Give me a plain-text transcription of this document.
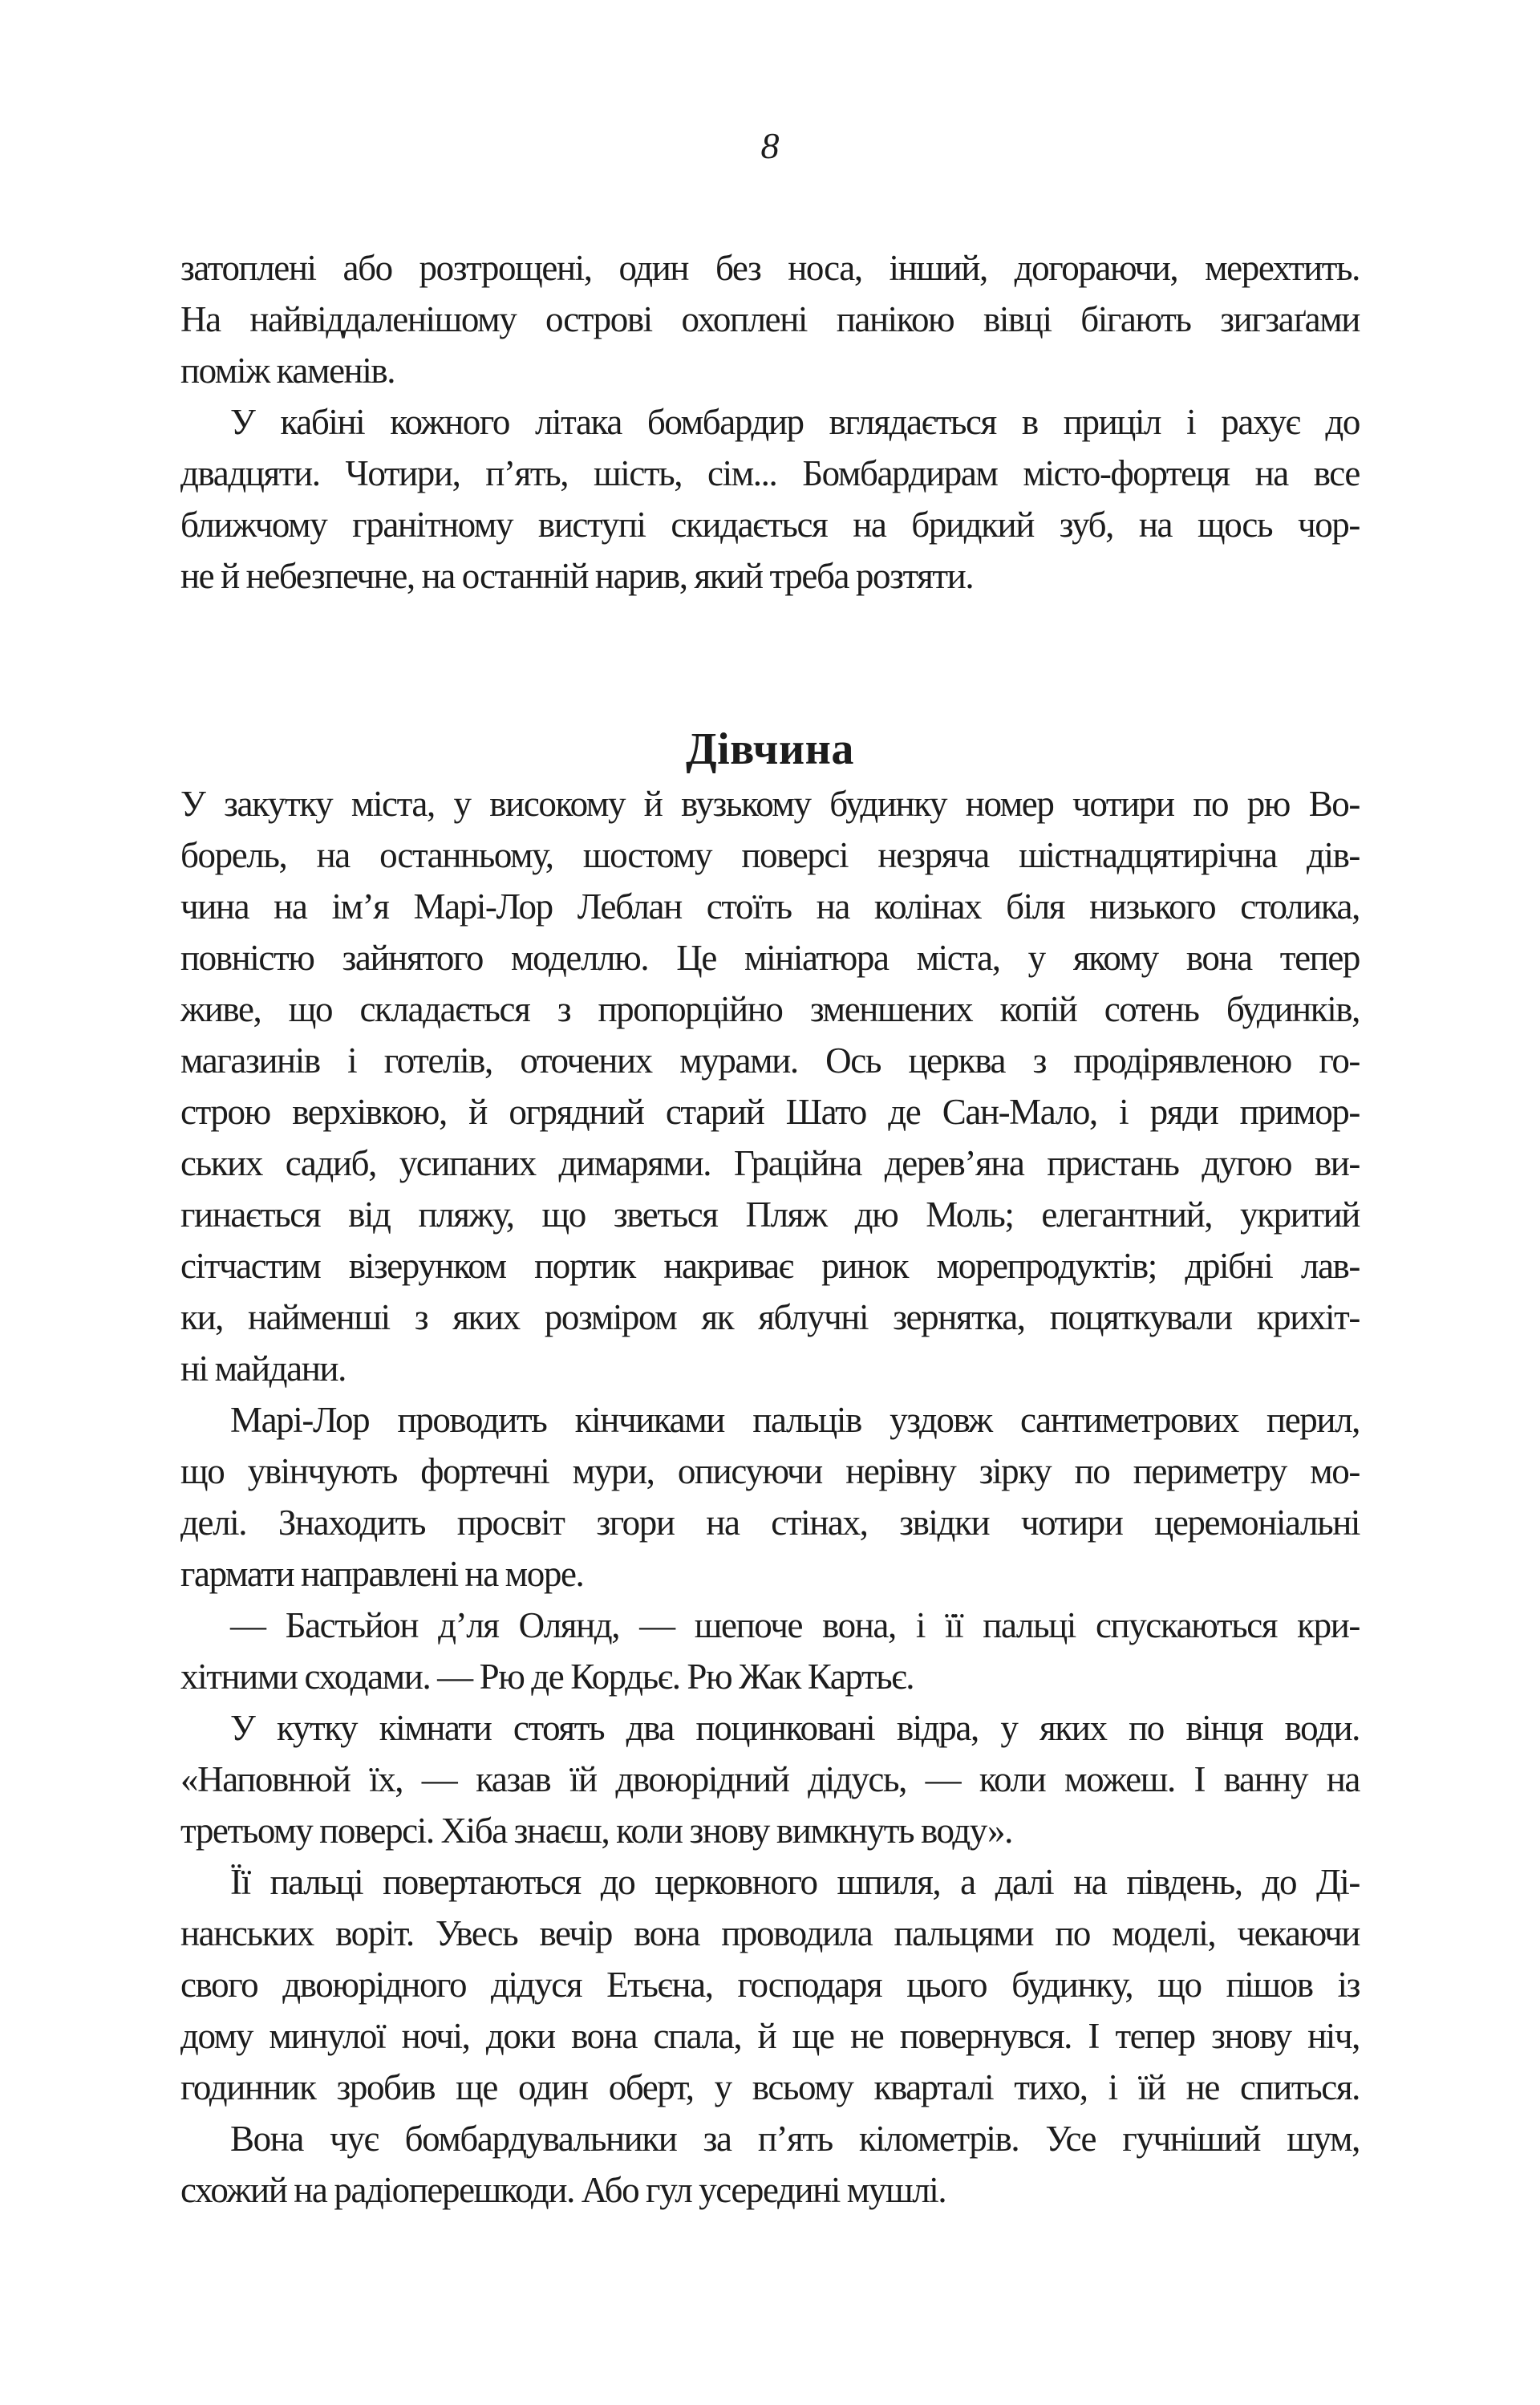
8
затоплені або розтрощені, один без носа, інший, догораючи, мерехтить.
На найвіддаленішому острові охоплені панікою вівці бігають зигзаґами
поміж каменів.
У кабіні кожного літака бомбардир вглядається в приціл і рахує до
двадцяти. Чотири, п’ять, шість, сім... Бомбардирам місто-фортеця на все
ближчому гранітному виступі скидається на бридкий зуб, на щось чор-
не й небезпечне, на останній нарив, який треба розтяти.
Дівчина
У закутку міста, у високому й вузькому будинку номер чотири по рю Во-
борель, на останньому, шостому поверсі незряча шістнадцятирічна дів-
чина на ім’я Марі-Лор Леблан стоїть на колінах біля низького столика,
повністю зайнятого моделлю. Це мініатюра міста, у якому вона тепер
живе, що складається з пропорційно зменшених копій сотень будинків,
магазинів і готелів, оточених мурами. Ось церква з продірявленою го-
строю верхівкою, й огрядний старий Шато де Сан-Мало, і ряди примор-
ських садиб, усипаних димарями. Граційна дерев’яна пристань дугою ви-
гинається від пляжу, що зветься Пляж дю Моль; елегантний, укритий
сітчастим візерунком портик накриває ринок морепродуктів; дрібні лав-
ки, найменші з яких розміром як яблучні зернятка, поцяткували крихіт-
ні майдани.
Марі-Лор проводить кінчиками пальців уздовж сантиметрових перил,
що увінчують фортечні мури, описуючи нерівну зірку по периметру мо-
делі. Знаходить просвіт згори на стінах, звідки чотири церемоніальні
гармати направлені на море.
— Бастьйон д’ля Олянд, — шепоче вона, і її пальці спускаються кри-
хітними сходами. — Рю де Кордьє. Рю Жак Картьє.
У кутку кімнати стоять два поцинковані відра, у яких по вінця води.
«Наповнюй їх, — казав їй двоюрідний дідусь, — коли можеш. І ванну на
третьому поверсі. Хіба знаєш, коли знову вимкнуть воду».
Її пальці повертаються до церковного шпиля, а далі на південь, до Ді-
нанських воріт. Увесь вечір вона проводила пальцями по моделі, чекаючи
свого двоюрідного дідуся Етьєна, господаря цього будинку, що пішов із
дому минулої ночі, доки вона спала, й ще не повернувся. І тепер знову ніч,
годинник зробив ще один оберт, у всьому кварталі тихо, і їй не спиться.
Вона чує бомбардувальники за п’ять кілометрів. Усе гучніший шум,
схожий на радіоперешкоди. Або гул усередині мушлі.
